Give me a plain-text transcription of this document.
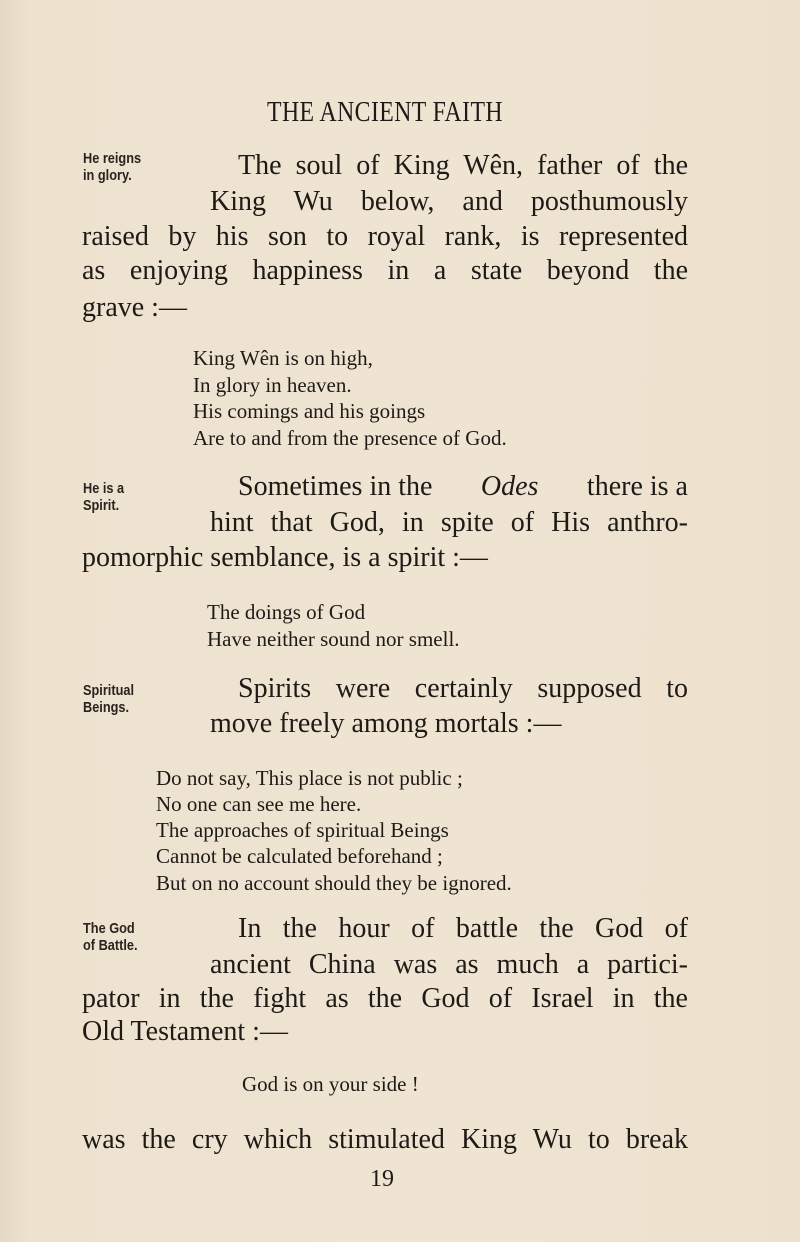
THE ANCIENT FAITH
He reigns
in glory.	The soul of King Wên, father of the
King Wu below, and posthumously
raised by his son to royal rank, is represented
as enjoying happiness in a state beyond the
grave :—
King Wên is on high,
In glory in heaven.
His comings and his goings
Are to and from the presence of God.
He is a
Spirit.
Sometimes in the Odes there is a
hint that God, in spite of His anthro-
pomorphic semblance, is a spirit :—
The doings of God
Have neither sound nor smell.
Spiritual
Beings.
Spirits were certainly supposed to
move freely among mortals :—
Do not say, This place is not public ;
No one can see me here.
The approaches of spiritual Beings
Cannot be calculated beforehand ;
But on no account should they be ignored.
The God
of Battle.
In the hour of battle the God of
ancient China was as much a partici-
pator in the fight as the God of Israel in the
Old Testament :—
God is on your side !
was the cry which stimulated King Wu to break
19
